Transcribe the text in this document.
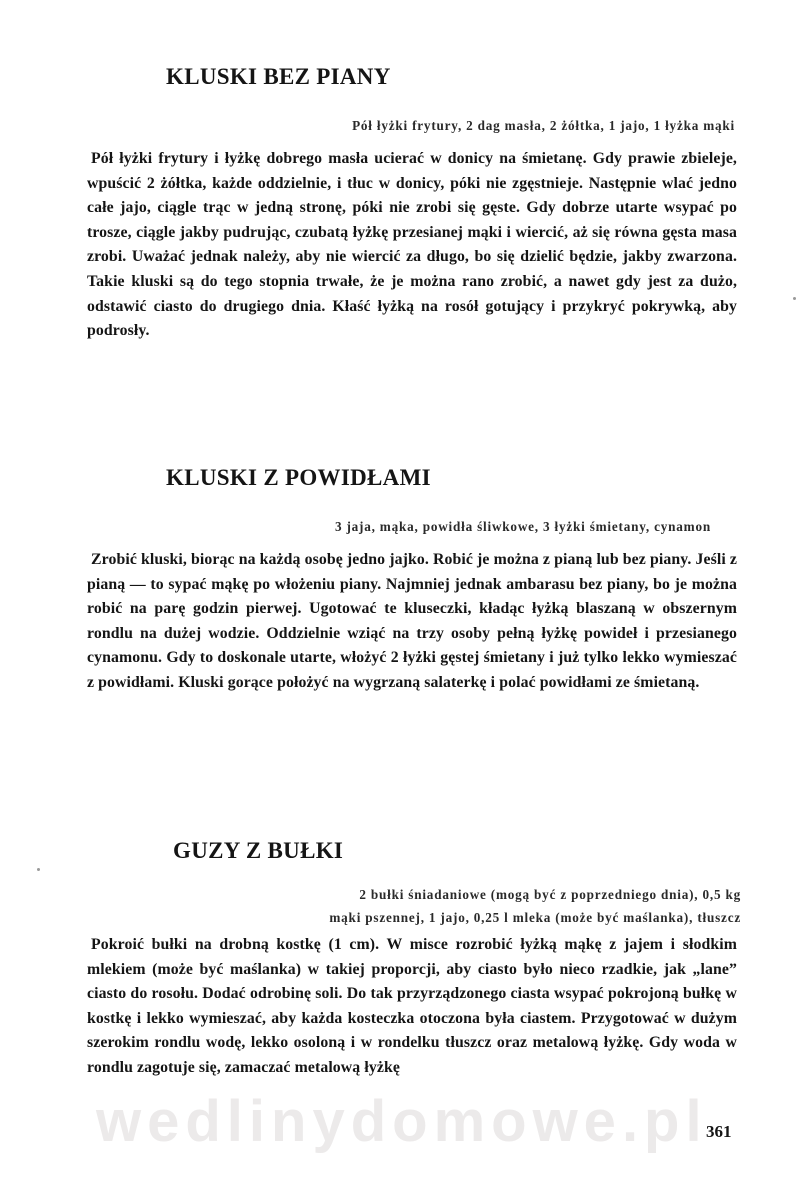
KLUSKI BEZ PIANY
Pół łyżki frytury, 2 dag masła, 2 żółtka, 1 jajo, 1 łyżka mąki

Pół łyżki frytury i łyżkę dobrego masła ucierać w donicy na śmietanę. Gdy prawie zbieleje, wpuścić 2 żółtka, każde oddzielnie, i tłuc w donicy, póki nie zgęstnieje. Następnie wlać jedno całe jajo, ciągle trąc w jedną stronę, póki nie zrobi się gęste. Gdy dobrze utarte wsypać po trosze, ciągle jakby pudrując, czubatą łyżkę przesianej mąki i wiercić, aż się równa gęsta masa zrobi. Uważać jednak należy, aby nie wiercić za długo, bo się dzielić będzie, jakby zwarzona. Takie kluski są do tego stopnia trwałe, że je można rano zrobić, a nawet gdy jest za dużo, odstawić ciasto do drugiego dnia. Kłaść łyżką na rosół gotujący i przykryć pokrywką, aby podrosły.

KLUSKI Z POWIDŁAMI
3 jaja, mąka, powidła śliwkowe, 3 łyżki śmietany, cynamon

Zrobić kluski, biorąc na każdą osobę jedno jajko. Robić je można z pianą lub bez piany. Jeśli z pianą — to sypać mąkę po włożeniu piany. Najmniej jednak ambarasu bez piany, bo je można robić na parę godzin pierwej. Ugotować te kluseczki, kładąc łyżką blaszaną w obszernym rondlu na dużej wodzie. Oddzielnie wziąć na trzy osoby pełną łyżkę powideł i przesianego cynamonu. Gdy to doskonale utarte, włożyć 2 łyżki gęstej śmietany i już tylko lekko wymieszać z powidłami. Kluski gorące położyć na wygrzaną salaterkę i polać powidłami ze śmietaną.

GUZY Z BUŁKI
2 bułki śniadaniowe (mogą być z poprzedniego dnia), 0,5 kg
mąki pszennej, 1 jajo, 0,25 l mleka (może być maślanka), tłuszcz

Pokroić bułki na drobną kostkę (1 cm). W misce rozrobić łyżką mąkę z jajem i słodkim mlekiem (może być maślanka) w takiej proporcji, aby ciasto było nieco rzadkie, jak „lane” ciasto do rosołu. Dodać odrobinę soli. Do tak przyrządzonego ciasta wsypać pokrojoną bułkę w kostkę i lekko wymieszać, aby każda kosteczka otoczona była ciastem. Przygotować w dużym szerokim rondlu wodę, lekko osoloną i w rondelku tłuszcz oraz metalową łyżkę. Gdy woda w rondlu zagotuje się, zamaczać metalową łyżkę

wedlinydomowe.pl
361
